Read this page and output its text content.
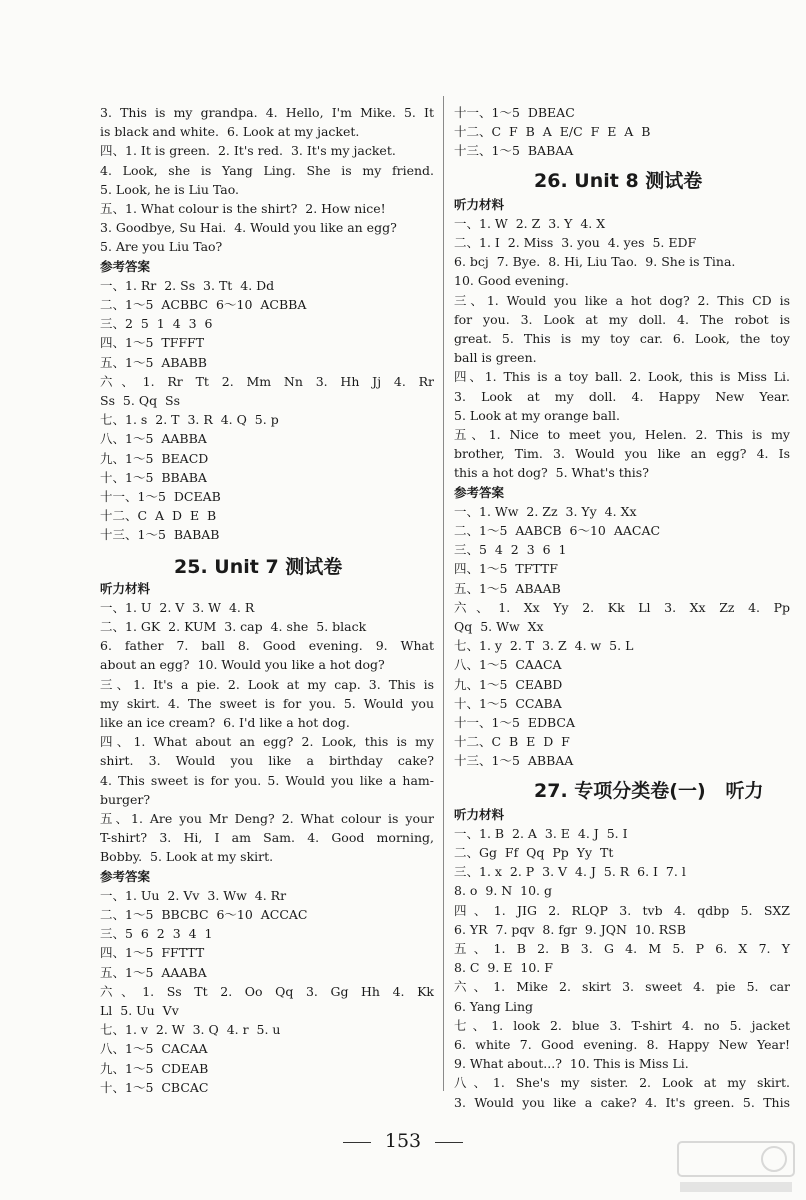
3. This is my grandpa. 4. Hello, I'm Mike. 5. It
is black and white.  6. Look at my jacket.
四、1. It is green.  2. It's red.  3. It's my jacket.
4. Look, she is Yang Ling. She is my friend.
5. Look, he is Liu Tao.
五、1. What colour is the shirt?  2. How nice!
3. Goodbye, Su Hai.  4. Would you like an egg?
5. Are you Liu Tao?
参考答案
一、1. Rr  2. Ss  3. Tt  4. Dd
二、1～5  ACBBC  6～10  ACBBA
三、2  5  1  4  3  6
四、1～5  TFFFT
五、1～5  ABABB
六、1. Rr Tt 2. Mm Nn 3. Hh Jj 4. Rr
Ss  5. Qq  Ss
七、1. s  2. T  3. R  4. Q  5. p
八、1～5  AABBA
九、1～5  BEACD
十、1～5  BBABA
十一、1～5  DCEAB
十二、C  A  D  E  B
十三、1～5  BABAB
25. Unit 7 测试卷
听力材料
一、1. U  2. V  3. W  4. R
二、1. GK  2. KUM  3. cap  4. she  5. black
6. father 7. ball 8. Good evening. 9. What
about an egg?  10. Would you like a hot dog?
三、1. It's a pie. 2. Look at my cap. 3. This is
my skirt. 4. The sweet is for you. 5. Would you
like an ice cream?  6. I'd like a hot dog.
四、1. What about an egg? 2. Look, this is my
shirt. 3. Would you like a birthday cake?
4. This sweet is for you. 5. Would you like a ham-
burger?
五、1. Are you Mr Deng? 2. What colour is your
T-shirt? 3. Hi, I am Sam. 4. Good morning,
Bobby.  5. Look at my skirt.
参考答案
一、1. Uu  2. Vv  3. Ww  4. Rr
二、1～5  BBCBC  6～10  ACCAC
三、5  6  2  3  4  1
四、1～5  FFTTT
五、1～5  AAABA
六、1. Ss Tt 2. Oo Qq 3. Gg Hh 4. Kk
Ll  5. Uu  Vv
七、1. v  2. W  3. Q  4. r  5. u
八、1～5  CACAA
九、1～5  CDEAB
十、1～5  CBCAC
十一、1～5  DBEAC
十二、C  F  B  A  E/C  F  E  A  B
十三、1～5  BABAA
26. Unit 8 测试卷
听力材料
一、1. W  2. Z  3. Y  4. X
二、1. I  2. Miss  3. you  4. yes  5. EDF
6. bcj  7. Bye.  8. Hi, Liu Tao.  9. She is Tina.
10. Good evening.
三、1. Would you like a hot dog? 2. This CD is
for you. 3. Look at my doll. 4. The robot is
great. 5. This is my toy car. 6. Look, the toy
ball is green.
四、1. This is a toy ball. 2. Look, this is Miss Li.
3. Look at my doll. 4. Happy New Year.
5. Look at my orange ball.
五、1. Nice to meet you, Helen. 2. This is my
brother, Tim. 3. Would you like an egg? 4. Is
this a hot dog?  5. What's this?
参考答案
一、1. Ww  2. Zz  3. Yy  4. Xx
二、1～5  AABCB  6～10  AACAC
三、5  4  2  3  6  1
四、1～5  TFTTF
五、1～5  ABAAB
六、1. Xx Yy 2. Kk Ll 3. Xx Zz 4. Pp
Qq  5. Ww  Xx
七、1. y  2. T  3. Z  4. w  5. L
八、1～5  CAACA
九、1～5  CEABD
十、1～5  CCABA
十一、1～5  EDBCA
十二、C  B  E  D  F
十三、1～5  ABBAA
27. 专项分类卷(一)   听力
听力材料
一、1. B  2. A  3. E  4. J  5. I
二、Gg  Ff  Qq  Pp  Yy  Tt
三、1. x  2. P  3. V  4. J  5. R  6. I  7. l
8. o  9. N  10. g
四、1. JIG 2. RLQP 3. tvb 4. qdbp 5. SXZ
6. YR  7. pqv  8. fgr  9. JQN  10. RSB
五、1. B 2. B 3. G 4. M 5. P 6. X 7. Y
8. C  9. E  10. F
六、1. Mike 2. skirt 3. sweet 4. pie 5. car
6. Yang Ling
七、1. look 2. blue 3. T-shirt 4. no 5. jacket
6. white 7. Good evening. 8. Happy New Year!
9. What about...?  10. This is Miss Li.
八、1. She's my sister. 2. Look at my skirt.
3. Would you like a cake? 4. It's green. 5. This
153
